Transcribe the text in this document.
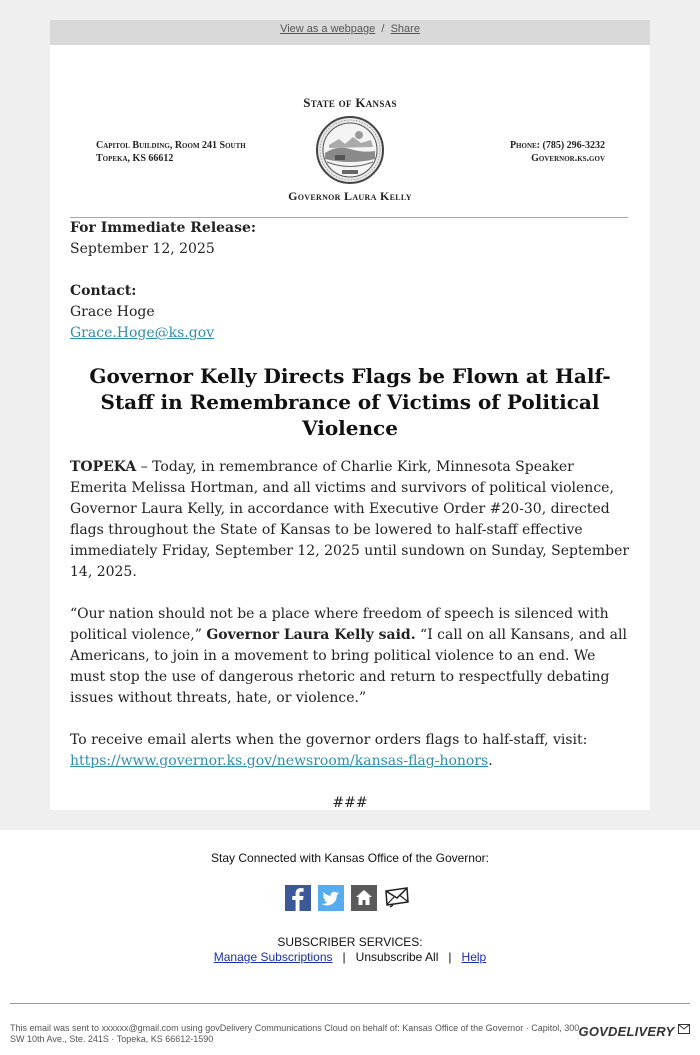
View as a webpage / Share
State of Kansas
Capitol Building, Room 241 South
Topeka, KS 66612
Phone: (785) 296-3232
Governor.ks.gov
Governor Laura Kelly

For Immediate Release:

September 12, 2025

Contact:

Grace Hoge

Grace.Hoge@ks.gov

Governor Kelly Directs Flags be Flown at Half-Staff in Remembrance of Victims of Political Violence

TOPEKA – Today, in remembrance of Charlie Kirk, Minnesota Speaker Emerita Melissa Hortman, and all victims and survivors of political violence, Governor Laura Kelly, in accordance with Executive Order #20-30, directed flags throughout the State of Kansas to be lowered to half-staff effective immediately Friday, September 12, 2025 until sundown on Sunday, September 14, 2025.

“Our nation should not be a place where freedom of speech is silenced with political violence,” Governor Laura Kelly said. “I call on all Kansans, and all Americans, to join in a movement to bring political violence to an end. We must stop the use of dangerous rhetoric and return to respectfully debating issues without threats, hate, or violence.”

To receive email alerts when the governor orders flags to half-staff, visit: https://www.governor.ks.gov/newsroom/kansas-flag-honors.

###

Stay Connected with Kansas Office of the Governor:
SUBSCRIBER SERVICES:
Manage Subscriptions | Unsubscribe All | Help
This email was sent to xxxxxx@gmail.com using govDelivery Communications Cloud on behalf of: Kansas Office of the Governor · Capitol, 300 SW 10th Ave., Ste. 241S · Topeka, KS 66612-1590	GOVDELIVERY
